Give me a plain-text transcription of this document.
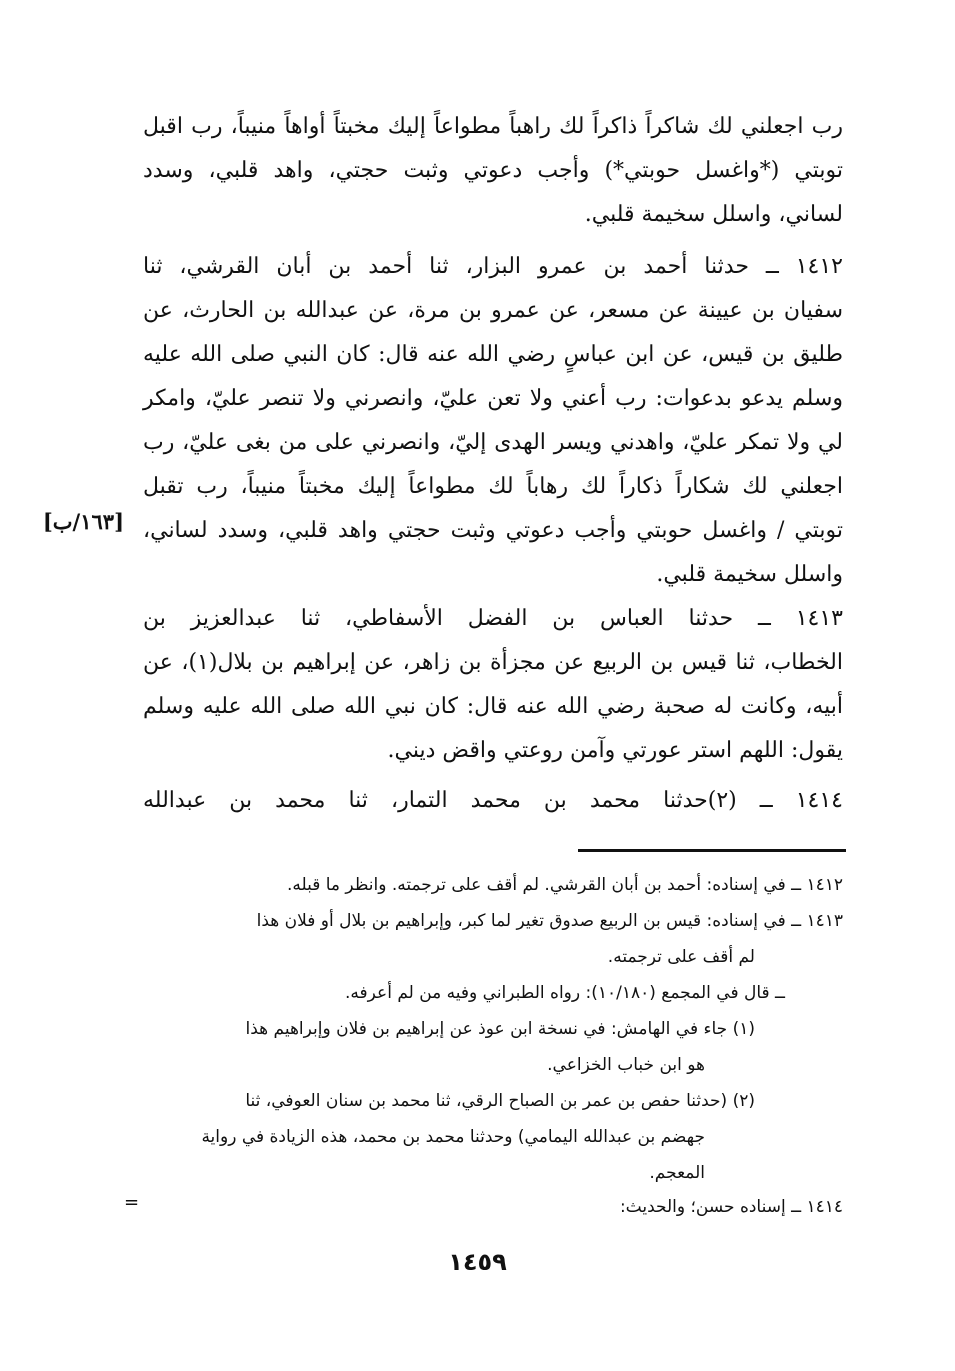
رب اجعلني لك شاكراً ذاكراً لك راهباً مطواعاً إليك مخبتاً أواهاً منيباً، رب اقبل
توبتي (*واغسل حوبتي*) وأجب دعوتي وثبت حجتي، واهد قلبي، وسدد
لساني، واسلل سخيمة قلبي.
١٤١٢ ــ حدثنا أحمد بن عمرو البزار، ثنا أحمد بن أبان القرشي، ثنا
سفيان بن عيينة عن مسعر، عن عمرو بن مرة، عن عبدالله بن الحارث، عن
طليق بن قيس، عن ابن عباسٍ رضي الله عنه قال: كان النبي صلى الله عليه
وسلم يدعو بدعوات: رب أعني ولا تعن عليّ، وانصرني ولا تنصر عليّ، وامكر
لي ولا تمكر عليّ، واهدني ويسر الهدى إليّ، وانصرني على من بغى عليّ، رب
اجعلني لك شكاراً ذكاراً لك رهاباً لك مطواعاً إليك مخبتاً منيباً، رب تقبل
توبتي / واغسل حوبتي وأجب دعوتي وثبت حجتي واهد قلبي، وسدد لساني،
واسلل سخيمة قلبي.
١٤١٣ ــ حدثنا العباس بن الفضل الأسفاطي، ثنا عبدالعزيز بن
الخطاب، ثنا قيس بن الربيع عن مجزأة بن زاهر، عن إبراهيم بن بلال(١)، عن
أبيه، وكانت له صحبة رضي الله عنه قال: كان نبي الله صلى الله عليه وسلم
يقول: اللهم استر عورتي وآمن روعتي واقض ديني.
١٤١٤ ــ (٢)حدثنا محمد بن محمد التمار، ثنا محمد بن عبدالله
[١٦٣/ب]
١٤١٢ ــ في إسناده: أحمد بن أبان القرشي. لم أقف على ترجمته. وانظر ما قبله.
١٤١٣ ــ في إسناده: قيس بن الربيع صدوق تغير لما كبر، وإبراهيم بن بلال أو فلان هذا
لم أقف على ترجمته.
ــ قال في المجمع (١٠/١٨٠): رواه الطبراني وفيه من لم أعرفه.
(١) جاء في الهامش: في نسخة ابن عوذ عن إبراهيم بن فلان وإبراهيم هذا
هو ابن خباب الخزاعي.
(٢) (حدثنا حفص بن عمر بن الصباح الرقي، ثنا محمد بن سنان العوفي، ثنا
جهضم بن عبدالله اليمامي) وحدثنا محمد بن محمد، هذه الزيادة في رواية
المعجم.
١٤١٤ ــ إسناده حسن؛ والحديث:
=
١٤٥٩
